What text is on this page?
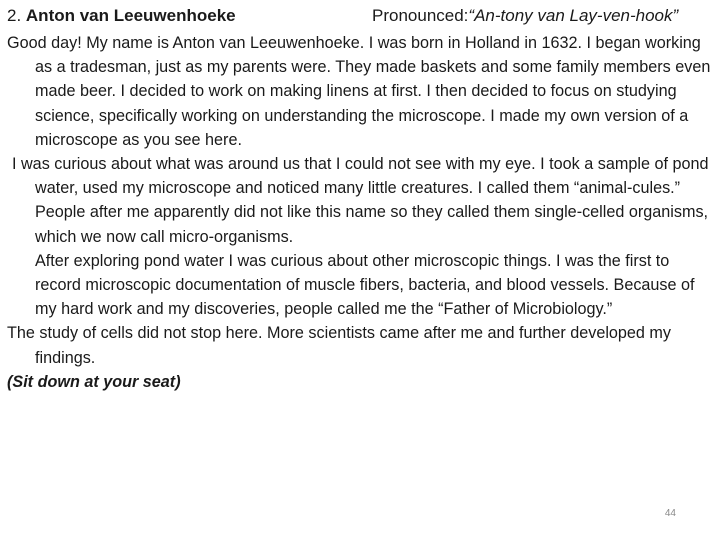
2. Anton van Leeuwenhoeke	Pronounced:“An-tony van Lay-ven-hook”

Good day! My name is Anton van Leeuwenhoeke. I was born in Holland in 1632. I began working as a tradesman, just as my parents were. They made baskets and some family members even made beer. I decided to work on making linens at first. I then decided to focus on studying science, specifically working on understanding the microscope. I made my own version of a microscope as you see here.

I was curious about what was around us that I could not see with my eye. I took a sample of pond water, used my microscope and noticed many little creatures. I called them “animal-cules.” People after me apparently did not like this name so they called them single-celled organisms, which we now call micro-organisms.

After exploring pond water I was curious about other microscopic things. I was the first to record microscopic documentation of muscle fibers, bacteria, and blood vessels. Because of my hard work and my discoveries, people called me the “Father of Microbiology.”

The study of cells did not stop here. More scientists came after me and further developed my findings.

(Sit down at your seat)

44
